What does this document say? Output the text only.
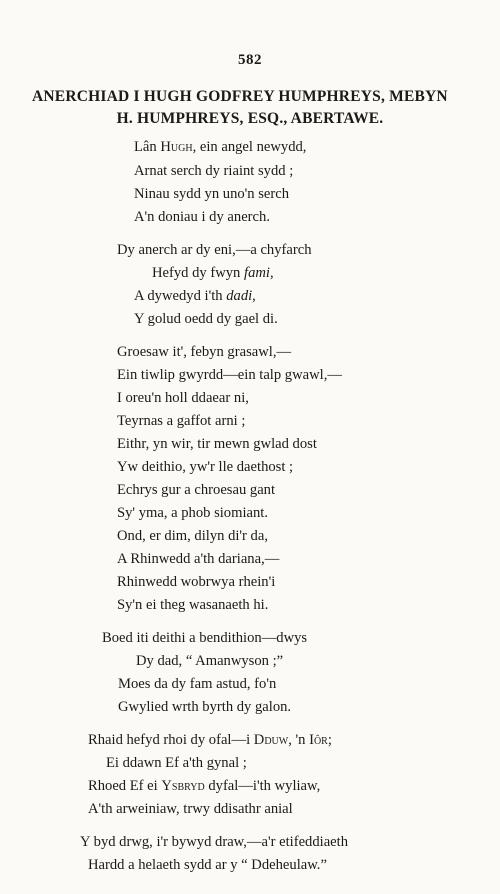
582
ANERCHIAD I HUGH GODFREY HUMPHREYS, MEBYN
H. HUMPHREYS, ESQ., ABERTAWE.
Lân Hugh, ein angel newydd,
Arnat serch dy riaint sydd ;
Ninau sydd yn uno'n serch
A'n doniau i dy anerch.
Dy anerch ar dy eni,—a chyfarch
Hefyd dy fwyn fami,
A dywedyd i'th dadi,
Y golud oedd dy gael di.
Groesaw it', febyn grasawl,—
Ein tiwlip gwyrdd—ein talp gwawl,—
I oreu'n holl ddaear ni,
Teyrnas a gaffot arni ;
Eithr, yn wir, tir mewn gwlad dost
Yw deithio, yw'r lle daethost ;
Echrys gur a chroesau gant
Sy' yma, a phob siomiant.
Ond, er dim, dilyn di'r da,
A Rhinwedd a'th dariana,—
Rhinwedd wobrwya rhein'i
Sy'n ei theg wasanaeth hi.
Boed iti deithi a bendithion—dwys
Dy dad, “ Amanwyson ;”
Moes da dy fam astud, fo'n
Gwylied wrth byrth dy galon.
Rhaid hefyd rhoi dy ofal—i Dduw, 'n Iôr;
Ei ddawn Ef a'th gynal ;
Rhoed Ef ei Ysbryd dyfal—i'th wyliaw,
A'th arweiniaw, trwy ddisathr anial
Y byd drwg, i'r bywyd draw,—a'r etifeddiaeth
Hardd a helaeth sydd ar y “ Ddeheulaw.”
